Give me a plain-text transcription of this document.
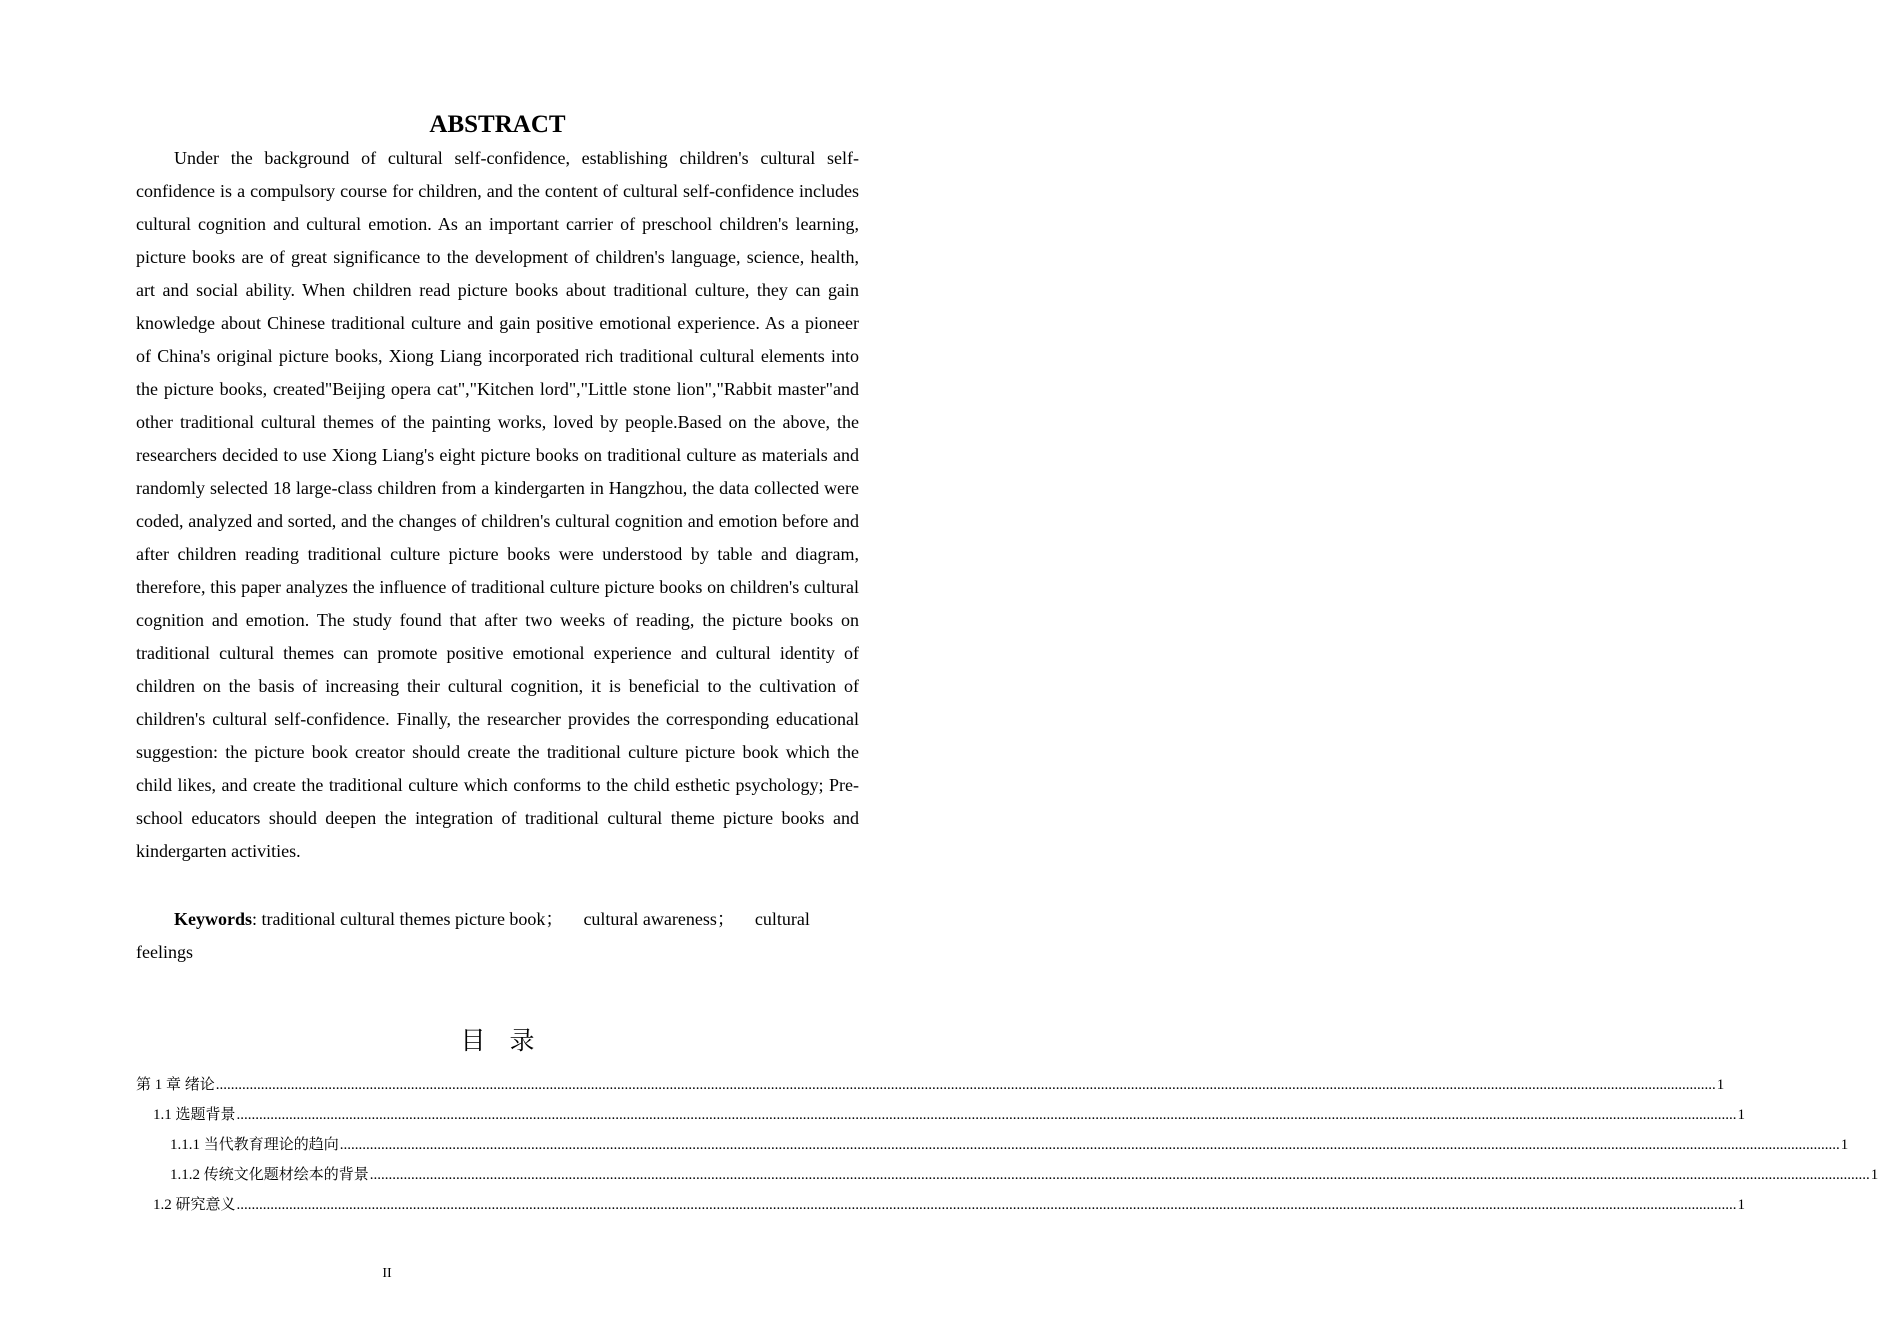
ABSTRACT

Under the background of cultural self-confidence, establishing children's cultural self-confidence is a compulsory course for children, and the content of cultural self-confidence includes cultural cognition and cultural emotion. As an important carrier of preschool children's learning, picture books are of great significance to the development of children's language, science, health, art and social ability. When children read picture books about traditional culture, they can gain knowledge about Chinese traditional culture and gain positive emotional experience. As a pioneer of China's original picture books, Xiong Liang incorporated rich traditional cultural elements into the picture books, created"Beijing opera cat","Kitchen lord","Little stone lion","Rabbit master"and other traditional cultural themes of the painting works, loved by people.Based on the above, the researchers decided to use Xiong Liang's eight picture books on traditional culture as materials and randomly selected 18 large-class children from a kindergarten in Hangzhou, the data collected were coded, analyzed and sorted, and the changes of children's cultural cognition and emotion before and after children reading traditional culture picture books were understood by table and diagram, therefore, this paper analyzes the influence of traditional culture picture books on children's cultural cognition and emotion. The study found that after two weeks of reading, the picture books on traditional cultural themes can promote positive emotional experience and cultural identity of children on the basis of increasing their cultural cognition, it is beneficial to the cultivation of children's cultural self-confidence. Finally, the researcher provides the corresponding educational suggestion: the picture book creator should create the traditional culture picture book which the child likes, and create the traditional culture which conforms to the child esthetic psychology; Pre-school educators should deepen the integration of traditional cultural theme picture books and kindergarten activities.

Keywords: traditional cultural themes picture book； cultural awareness； cultural feelings

目 录
第 1 章 绪论 ................................................................................................................................................................................................................................................................................................................................................................................................................ 1
1.1 选题背景 ................................................................................................................................................................................................................................................................................................................................................................................................................ 1
1.1.1 当代教育理论的趋向 ................................................................................................................................................................................................................................................................................................................................................................................................................ 1
1.1.2 传统文化题材绘本的背景 ................................................................................................................................................................................................................................................................................................................................................................................................................ 1
1.2 研究意义 ................................................................................................................................................................................................................................................................................................................................................................................................................ 1
II
